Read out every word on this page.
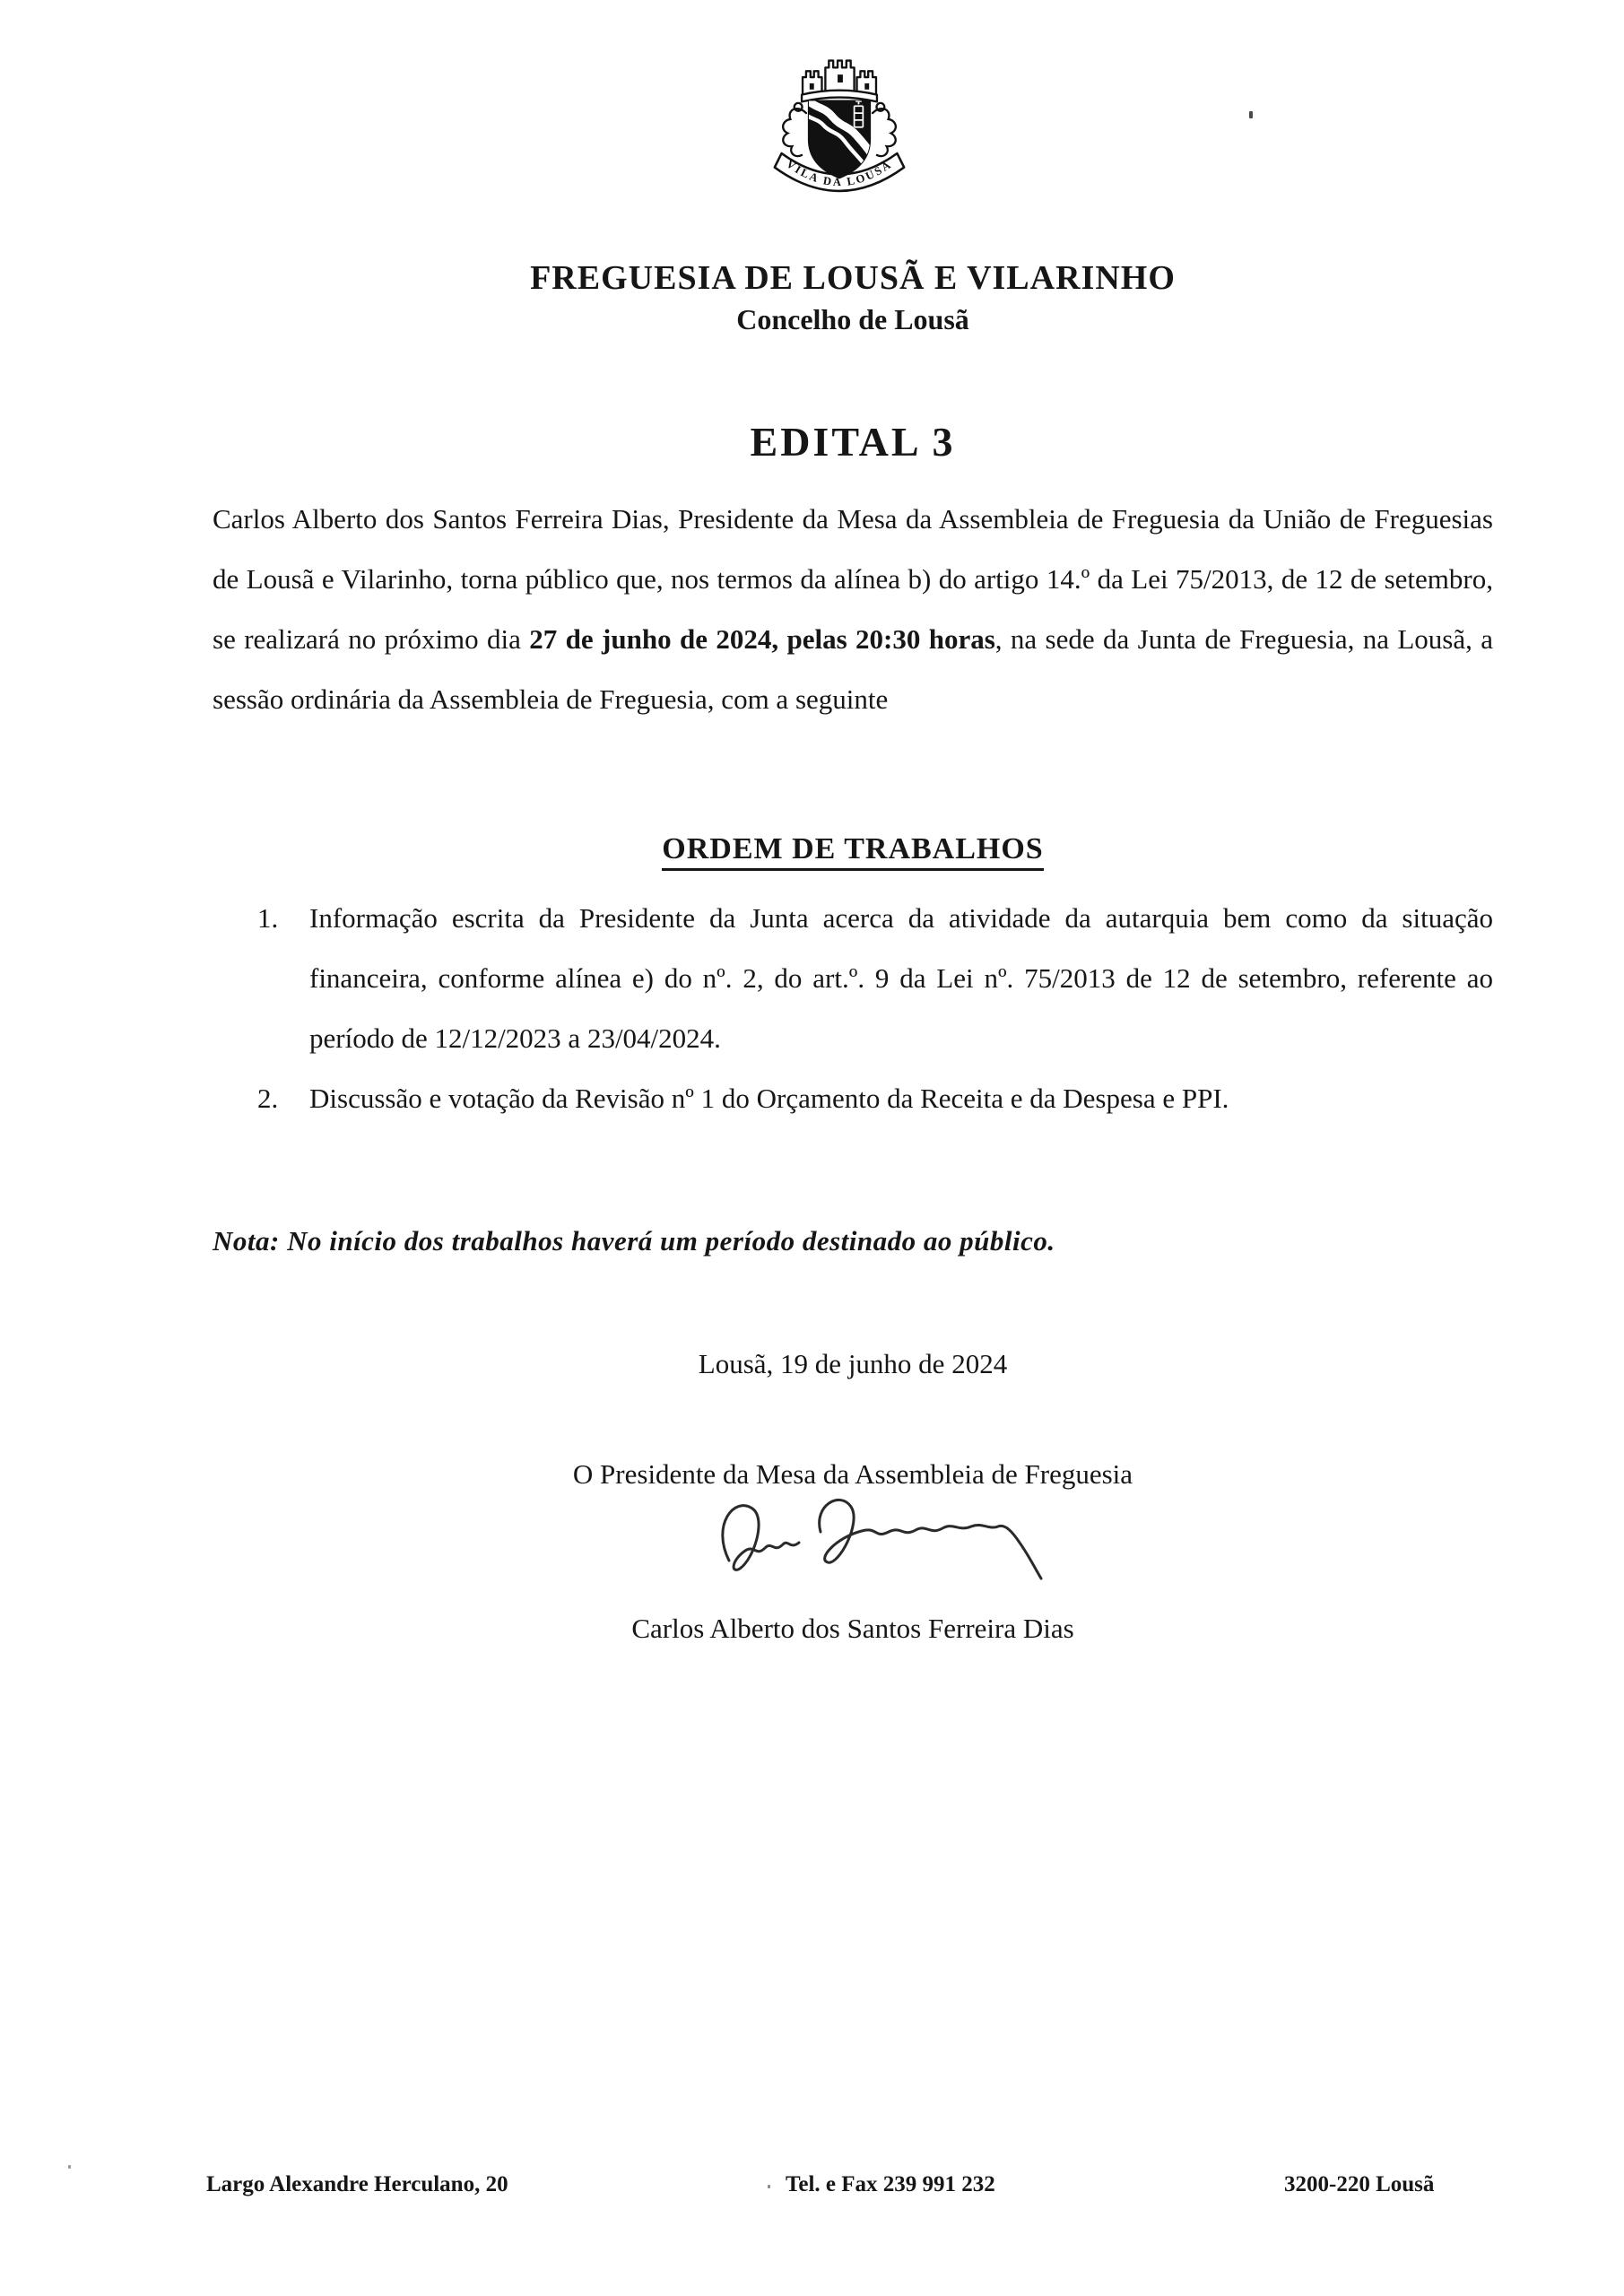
VILA DA LOUSÃ
FREGUESIA DE LOUSÃ E VILARINHO
Concelho de Lousã
EDITAL 3

Carlos Alberto dos Santos Ferreira Dias, Presidente da Mesa da Assembleia de Freguesia da União de Freguesias de Lousã e Vilarinho, torna público que, nos termos da alínea b) do artigo 14.º da Lei 75/2013, de 12 de setembro, se realizará no próximo dia 27 de junho de 2024, pelas 20:30 horas, na sede da Junta de Freguesia, na Lousã, a sessão ordinária da Assembleia de Freguesia, com a seguinte

ORDEM DE TRABALHOS
1.	Informação escrita da Presidente da Junta acerca da atividade da autarquia bem como da situação financeira, conforme alínea e) do nº. 2, do art.º. 9 da Lei nº. 75/2013 de 12 de setembro, referente ao período de 12/12/2023 a 23/04/2024.
2.	Discussão e votação da Revisão nº 1 do Orçamento da Receita e da Despesa e PPI.
Nota: No início dos trabalhos haverá um período destinado ao público.
Lousã, 19 de junho de 2024
O Presidente da Mesa da Assembleia de Freguesia
Carlos Alberto dos Santos Ferreira Dias
Largo Alexandre Herculano, 20	Tel. e Fax 239 991 232	3200-220 Lousã
